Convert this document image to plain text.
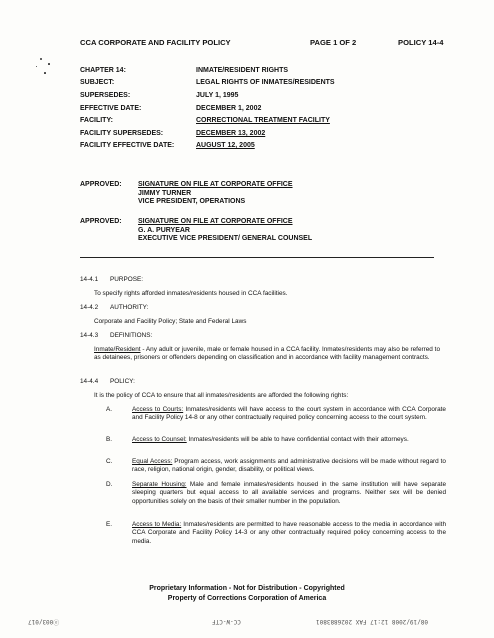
CCA CORPORATE AND FACILITY POLICY	PAGE 1 OF 2	POLICY 14-4
CHAPTER 14:	INMATE/RESIDENT RIGHTS
SUBJECT:	LEGAL RIGHTS OF INMATES/RESIDENTS
SUPERSEDES:	JULY 1, 1995
EFFECTIVE DATE:	DECEMBER 1, 2002
FACILITY:	CORRECTIONAL TREATMENT FACILITY
FACILITY SUPERSEDES:	DECEMBER 13, 2002
FACILITY EFFECTIVE DATE:	AUGUST 12, 2005
APPROVED:	SIGNATURE ON FILE AT CORPORATE OFFICE
JIMMY TURNER
VICE PRESIDENT, OPERATIONS
APPROVED:	SIGNATURE ON FILE AT CORPORATE OFFICE
G. A. PURYEAR
EXECUTIVE VICE PRESIDENT/ GENERAL COUNSEL
14-4.1 PURPOSE:
To specify rights afforded inmates/residents housed in CCA facilities.
14-4.2 AUTHORITY:
Corporate and Facility Policy; State and Federal Laws
14-4.3 DEFINITIONS:
Inmate/Resident - Any adult or juvenile, male or female housed in a CCA facility. Inmates/residents may also be referred to as detainees, prisoners or offenders depending on classification and in accordance with facility management contracts.
14-4.4 POLICY:
It is the policy of CCA to ensure that all inmates/residents are afforded the following rights:
A.	Access to Courts: Inmates/residents will have access to the court system in accordance with CCA Corporate and Facility Policy 14-8 or any other contractually required policy concerning access to the court system.
B.	Access to Counsel: Inmates/residents will be able to have confidential contact with their attorneys.
C.	Equal Access: Program access, work assignments and administrative decisions will be made without regard to race, religion, national origin, gender, disability, or political views.
D.	Separate Housing: Male and female inmates/residents housed in the same institution will have separate sleeping quarters but equal access to all available services and programs. Neither sex will be denied opportunities solely on the basis of their smaller number in the population.
E.	Access to Media: Inmates/residents are permitted to have reasonable access to the media in accordance with CCA Corporate and Facility Policy 14-3 or any other contractually required policy concerning access to the media.
Proprietary Information - Not for Distribution - Copyrighted
Property of Corrections Corporation of America
ⓐ003/017	CC-W-CTF	08/19/2008 12:17 FAX 2026883801
